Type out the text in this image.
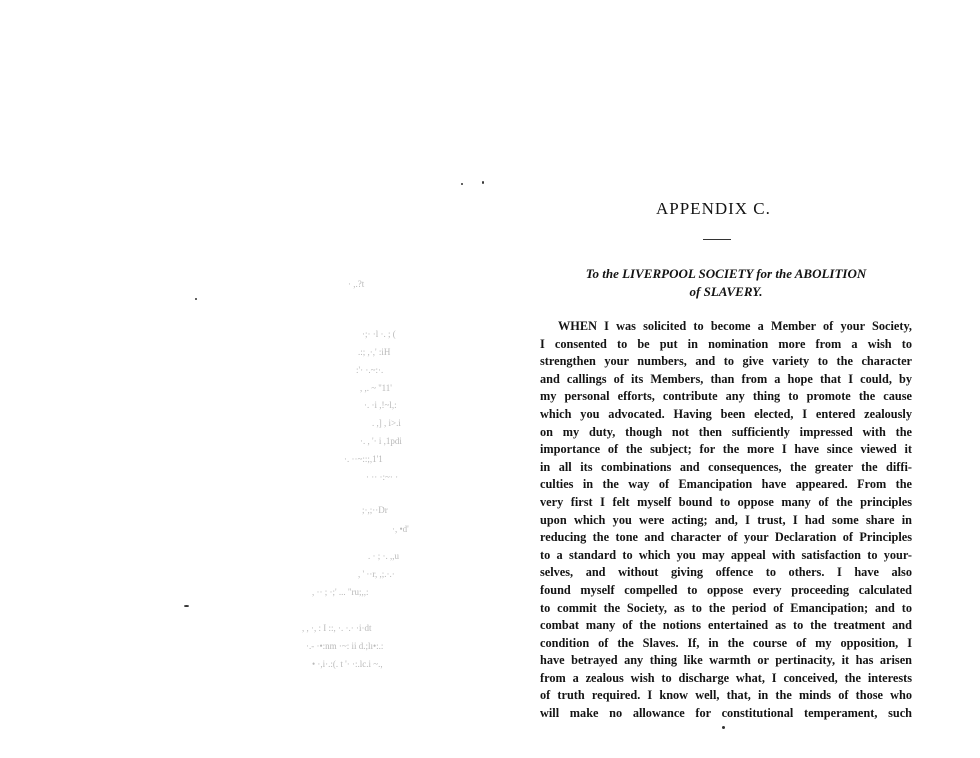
· ,.?t
·;· ·l ·. ; (
.:; ,·,' :iH
:'· ·.~:·.
, ,. ~ ''11'
·. ·i ,!~l,:
. ,] , i>.i
·. , '· i ,1pdi
·. ··~::;,1'1
· ·· ·:~· ·
;·,;··Dr
·, •d'
. · ; ·. ,,u
, ' ··r, ,;.·.·
, ·· ; ·;' ... "ru;,,:
, , ·, : I ::, ·. ·.· ·i·dt
·.- ·•:nm ·~: ii d.;lı•:.:
• ·,i·.:(. t '· ·:.lc.i ~.,
APPENDIX C.
To the LIVERPOOL SOCIETY for the ABOLITION
of SLAVERY.
WHEN I was solicited to become a Member of your Society,
I consented to be put in nomination more from a wish to
strengthen your numbers, and to give variety to the character
and callings of its Members, than from a hope that I could, by
my personal efforts, contribute any thing to promote the cause
which you advocated. Having been elected, I entered zealously
on my duty, though not then sufficiently impressed with the
importance of the subject; for the more I have since viewed it
in all its combinations and consequences, the greater the diffi-
culties in the way of Emancipation have appeared. From the
very first I felt myself bound to oppose many of the principles
upon which you were acting; and, I trust, I had some share in
reducing the tone and character of your Declaration of Principles
to a standard to which you may appeal with satisfaction to your-
selves, and without giving offence to others. I have also
found myself compelled to oppose every proceeding calculated
to commit the Society, as to the period of Emancipation; and to
combat many of the notions entertained as to the treatment and
condition of the Slaves. If, in the course of my opposition, I
have betrayed any thing like warmth or pertinacity, it has arisen
from a zealous wish to discharge what, I conceived, the interests
of truth required. I know well, that, in the minds of those who
will make no allowance for constitutional temperament, such
